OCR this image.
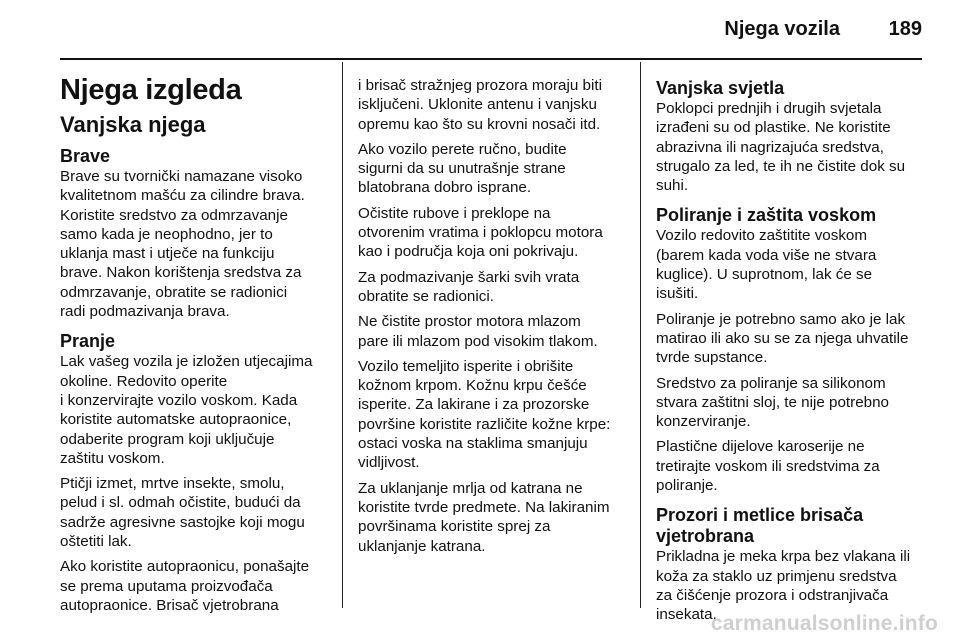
Njega vozila 189
Njega izgleda
Vanjska njega
Brave

Brave su tvornički namazane visoko
kvalitetnom mašću za cilindre brava.
Koristite sredstvo za odmrzavanje
samo kada je neophodno, jer to
uklanja mast i utječe na funkciju
brave. Nakon korištenja sredstva za
odmrzavanje, obratite se radionici
radi podmazivanja brava.

Pranje

Lak vašeg vozila je izložen utjecajima
okoline. Redovito operite
i konzervirajte vozilo voskom. Kada
koristite automatske autopraonice,
odaberite program koji uključuje
zaštitu voskom.

Ptičji izmet, mrtve insekte, smolu,
pelud i sl. odmah očistite, budući da
sadrže agresivne sastojke koji mogu
oštetiti lak.

Ako koristite autopraonicu, ponašajte
se prema uputama proizvođača
autopraonice. Brisač vjetrobrana

i brisač stražnjeg prozora moraju biti
isključeni. Uklonite antenu i vanjsku
opremu kao što su krovni nosači itd.

Ako vozilo perete ručno, budite
sigurni da su unutrašnje strane
blatobrana dobro isprane.

Očistite rubove i preklope na
otvorenim vratima i poklopcu motora
kao i područja koja oni pokrivaju.

Za podmazivanje šarki svih vrata
obratite se radionici.

Ne čistite prostor motora mlazom
pare ili mlazom pod visokim tlakom.

Vozilo temeljito isperite i obrišite
kožnom krpom. Kožnu krpu češće
isperite. Za lakirane i za prozorske
površine koristite različite kožne krpe:
ostaci voska na staklima smanjuju
vidljivost.

Za uklanjanje mrlja od katrana ne
koristite tvrde predmete. Na lakiranim
površinama koristite sprej za
uklanjanje katrana.

Vanjska svjetla

Poklopci prednjih i drugih svjetala
izrađeni su od plastike. Ne koristite
abrazivna ili nagrizajuća sredstva,
strugalo za led, te ih ne čistite dok su
suhi.

Poliranje i zaštita voskom

Vozilo redovito zaštitite voskom
(barem kada voda više ne stvara
kuglice). U suprotnom, lak će se
isušiti.

Poliranje je potrebno samo ako je lak
matirao ili ako su se za njega uhvatile
tvrde supstance.

Sredstvo za poliranje sa silikonom
stvara zaštitni sloj, te nije potrebno
konzerviranje.

Plastične dijelove karoserije ne
tretirajte voskom ili sredstvima za
poliranje.

Prozori i metlice brisača
vjetrobrana

Prikladna je meka krpa bez vlakana ili
koža za staklo uz primjenu sredstva
za čišćenje prozora i odstranjivača
insekata.

carmanualsonline.info
